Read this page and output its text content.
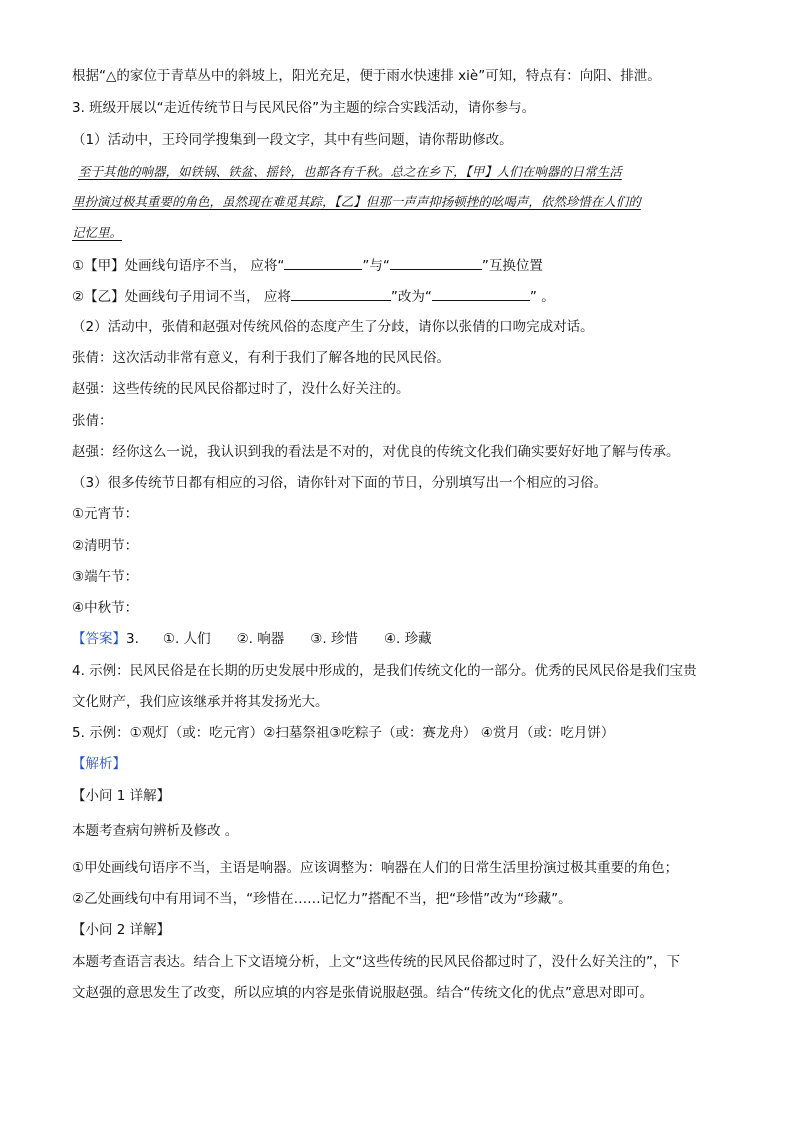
根据“△的家位于青草丛中的斜坡上，阳光充足，便于雨水快速排 xiè”可知，特点有：向阳、排泄。
3. 班级开展以“走近传统节日与民风民俗”为主题的综合实践活动，请你参与。
（1）活动中，王玲同学搜集到一段文字，其中有些问题，请你帮助修改。
至于其他的响器，如铁锅、铁盆、摇铃，也都各有千秋。总之在乡下，【甲】人们在响器的日常生活
里扮演过极其重要的角色，虽然现在难觅其踪，【乙】但那一声声抑扬顿挫的吆喝声，依然珍惜在人们的
记忆里。
①【甲】处画线句语序不当， 应将“	”与“	”互换位置
②【乙】处画线句子用词不当， 应将	”改为“	” 。
（2）活动中，张倩和赵强对传统风俗的态度产生了分歧，请你以张倩的口吻完成对话。
张倩：这次活动非常有意义，有利于我们了解各地的民风民俗。
赵强：这些传统的民风民俗都过时了，没什么好关注的。
张倩：
赵强：经你这么一说，我认识到我的看法是不对的，对优良的传统文化我们确实要好好地了解与传承。
（3）很多传统节日都有相应的习俗，请你针对下面的节日，分别填写出一个相应的习俗。
①元宵节：
②清明节：
③端午节：
④中秋节：
【答案】3. ①. 人们 ②. 响器 ③. 珍惜 ④. 珍藏
4. 示例：民风民俗是在长期的历史发展中形成的，是我们传统文化的一部分。优秀的民风民俗是我们宝贵
文化财产，我们应该继承并将其发扬光大。
5. 示例：①观灯（或：吃元宵）②扫墓祭祖③吃粽子（或：赛龙舟） ④赏月（或：吃月饼）
【解析】
【小问 1 详解】
本题考查病句辨析及修改 。
①甲处画线句语序不当，主语是响器。应该调整为：响器在人们的日常生活里扮演过极其重要的角色；
②乙处画线句中有用词不当，“珍惜在……记忆力”搭配不当，把“珍惜”改为“珍藏”。
【小问 2 详解】
本题考查语言表达。结合上下文语境分析，上文“这些传统的民风民俗都过时了，没什么好关注的”，下
文赵强的意思发生了改变，所以应填的内容是张倩说服赵强。结合“传统文化的优点”意思对即可。
